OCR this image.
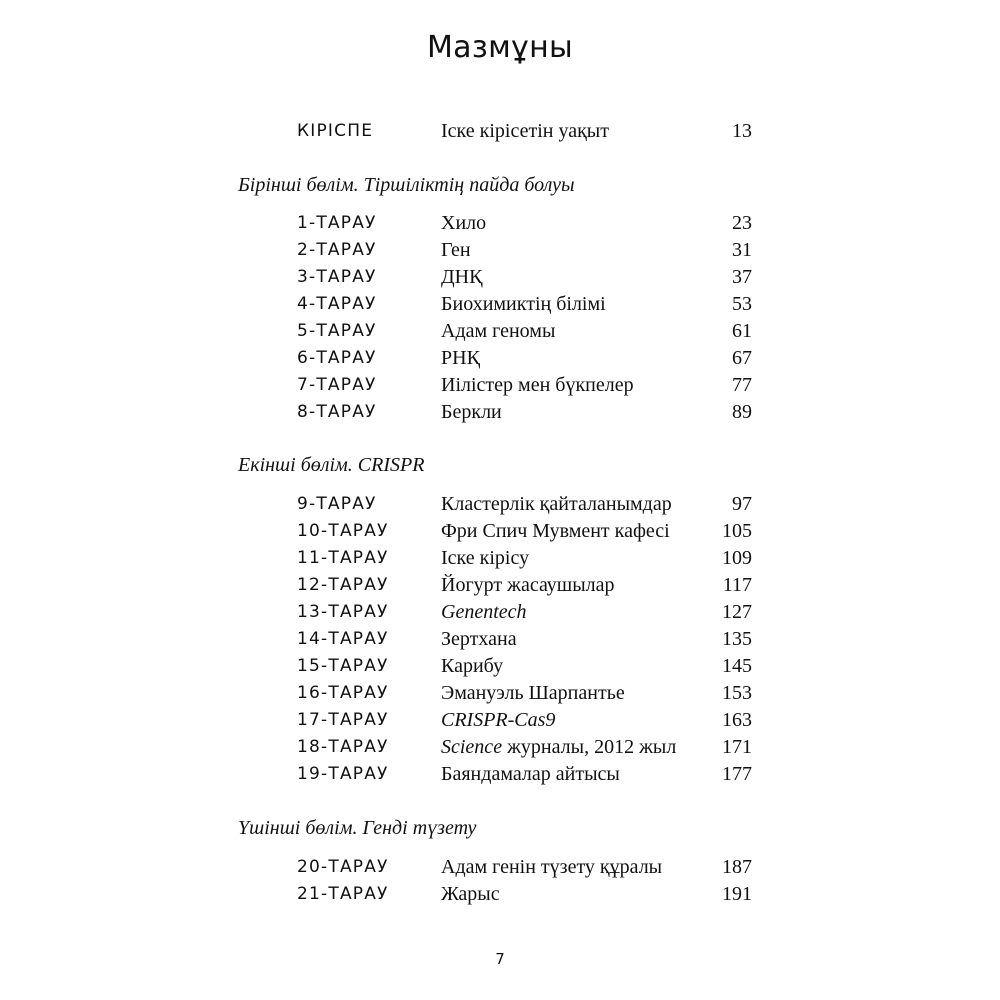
Мазмұны
КІРІСПЕ	Іске кірісетін уақыт	13
Бірінші бөлім. Тіршіліктің пайда болуы
1-ТАРАУ	Хило	23
2-ТАРАУ	Ген	31
3-ТАРАУ	ДНҚ	37
4-ТАРАУ	Биохимиктің білімі	53
5-ТАРАУ	Адам геномы	61
6-ТАРАУ	РНҚ	67
7-ТАРАУ	Иілістер мен бүкпелер	77
8-ТАРАУ	Беркли	89
Екінші бөлім. CRISPR
9-ТАРАУ	Кластерлік қайталанымдар	97
10-ТАРАУ	Фри Спич Мувмент кафесі	105
11-ТАРАУ	Іске кірісу	109
12-ТАРАУ	Йогурт жасаушылар	117
13-ТАРАУ	Genentech	127
14-ТАРАУ	Зертхана	135
15-ТАРАУ	Карибу	145
16-ТАРАУ	Эмануэль Шарпантье	153
17-ТАРАУ	CRISPR-Cas9	163
18-ТАРАУ	Science журналы, 2012 жыл 171
19-ТАРАУ	Баяндамалар айтысы	177
Үшінші бөлім. Генді түзету
20-ТАРАУ	Адам генін түзету құралы	187
21-ТАРАУ	Жарыс	191
7
